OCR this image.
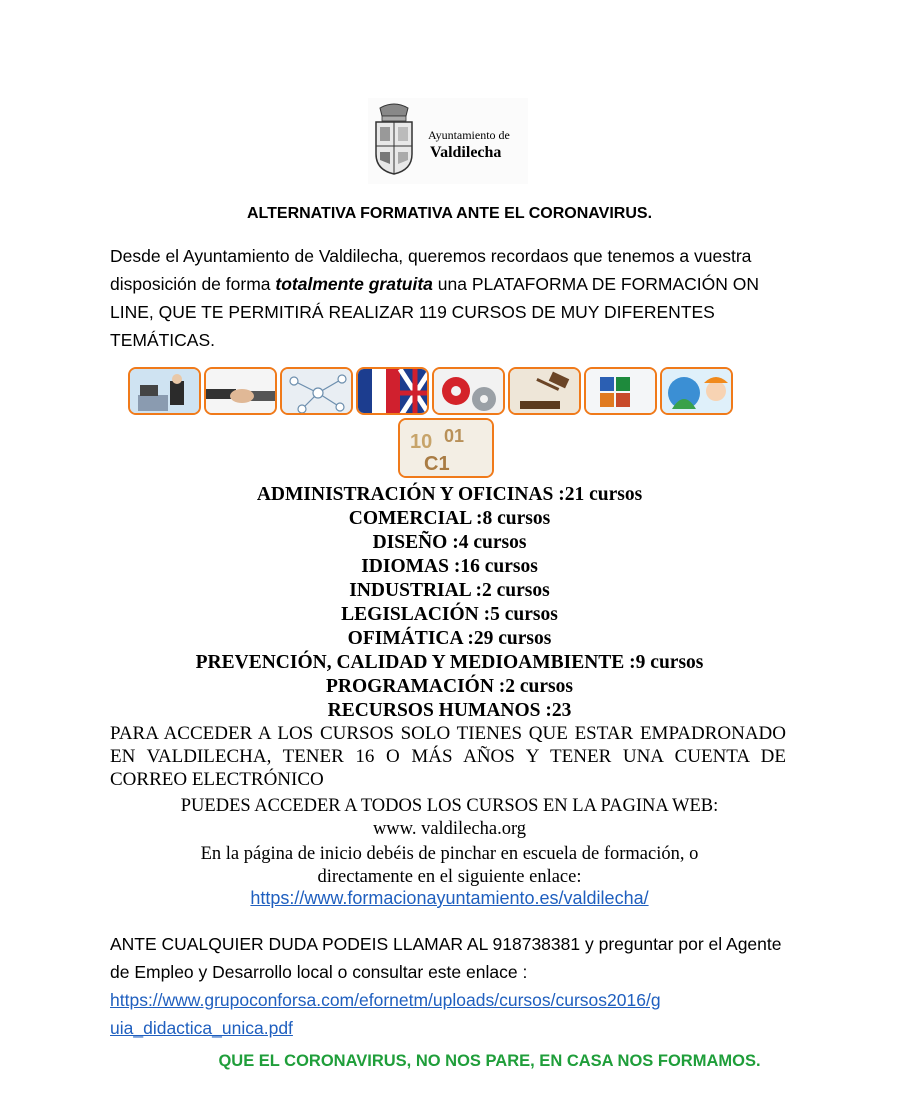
Ayuntamiento de
Valdilecha
ALTERNATIVA FORMATIVA ANTE EL CORONAVIRUS.
Desde el Ayuntamiento de Valdilecha, queremos recordaos que tenemos a vuestra disposición de forma totalmente gratuita una PLATAFORMA DE FORMACIÓN ON LINE, QUE TE PERMITIRÁ REALIZAR 119 CURSOS DE MUY DIFERENTES TEMÁTICAS.
10 01
C1
ADMINISTRACIÓN Y OFICINAS :21 cursos
COMERCIAL :8 cursos
DISEÑO :4 cursos
IDIOMAS :16 cursos
INDUSTRIAL :2 cursos
LEGISLACIÓN :5 cursos
OFIMÁTICA :29 cursos
PREVENCIÓN, CALIDAD Y MEDIOAMBIENTE :9 cursos
PROGRAMACIÓN :2 cursos
RECURSOS HUMANOS :23
PARA ACCEDER A LOS CURSOS SOLO TIENES QUE ESTAR EMPADRONADO EN VALDILECHA, TENER 16 O MÁS AÑOS Y TENER UNA CUENTA DE CORREO ELECTRÓNICO
PUEDES ACCEDER A TODOS LOS CURSOS EN LA PAGINA WEB:
www. valdilecha.org
En la página de inicio debéis de pinchar en escuela de formación, o
directamente en el siguiente enlace:
https://www.formacionayuntamiento.es/valdilecha/
ANTE CUALQUIER DUDA PODEIS LLAMAR AL 918738381 y preguntar por el Agente de Empleo y Desarrollo local o consultar este enlace :
https://www.grupoconforsa.com/efornetm/uploads/cursos/cursos2016/g
uia_didactica_unica.pdf
QUE EL CORONAVIRUS, NO NOS PARE, EN CASA NOS FORMAMOS.
